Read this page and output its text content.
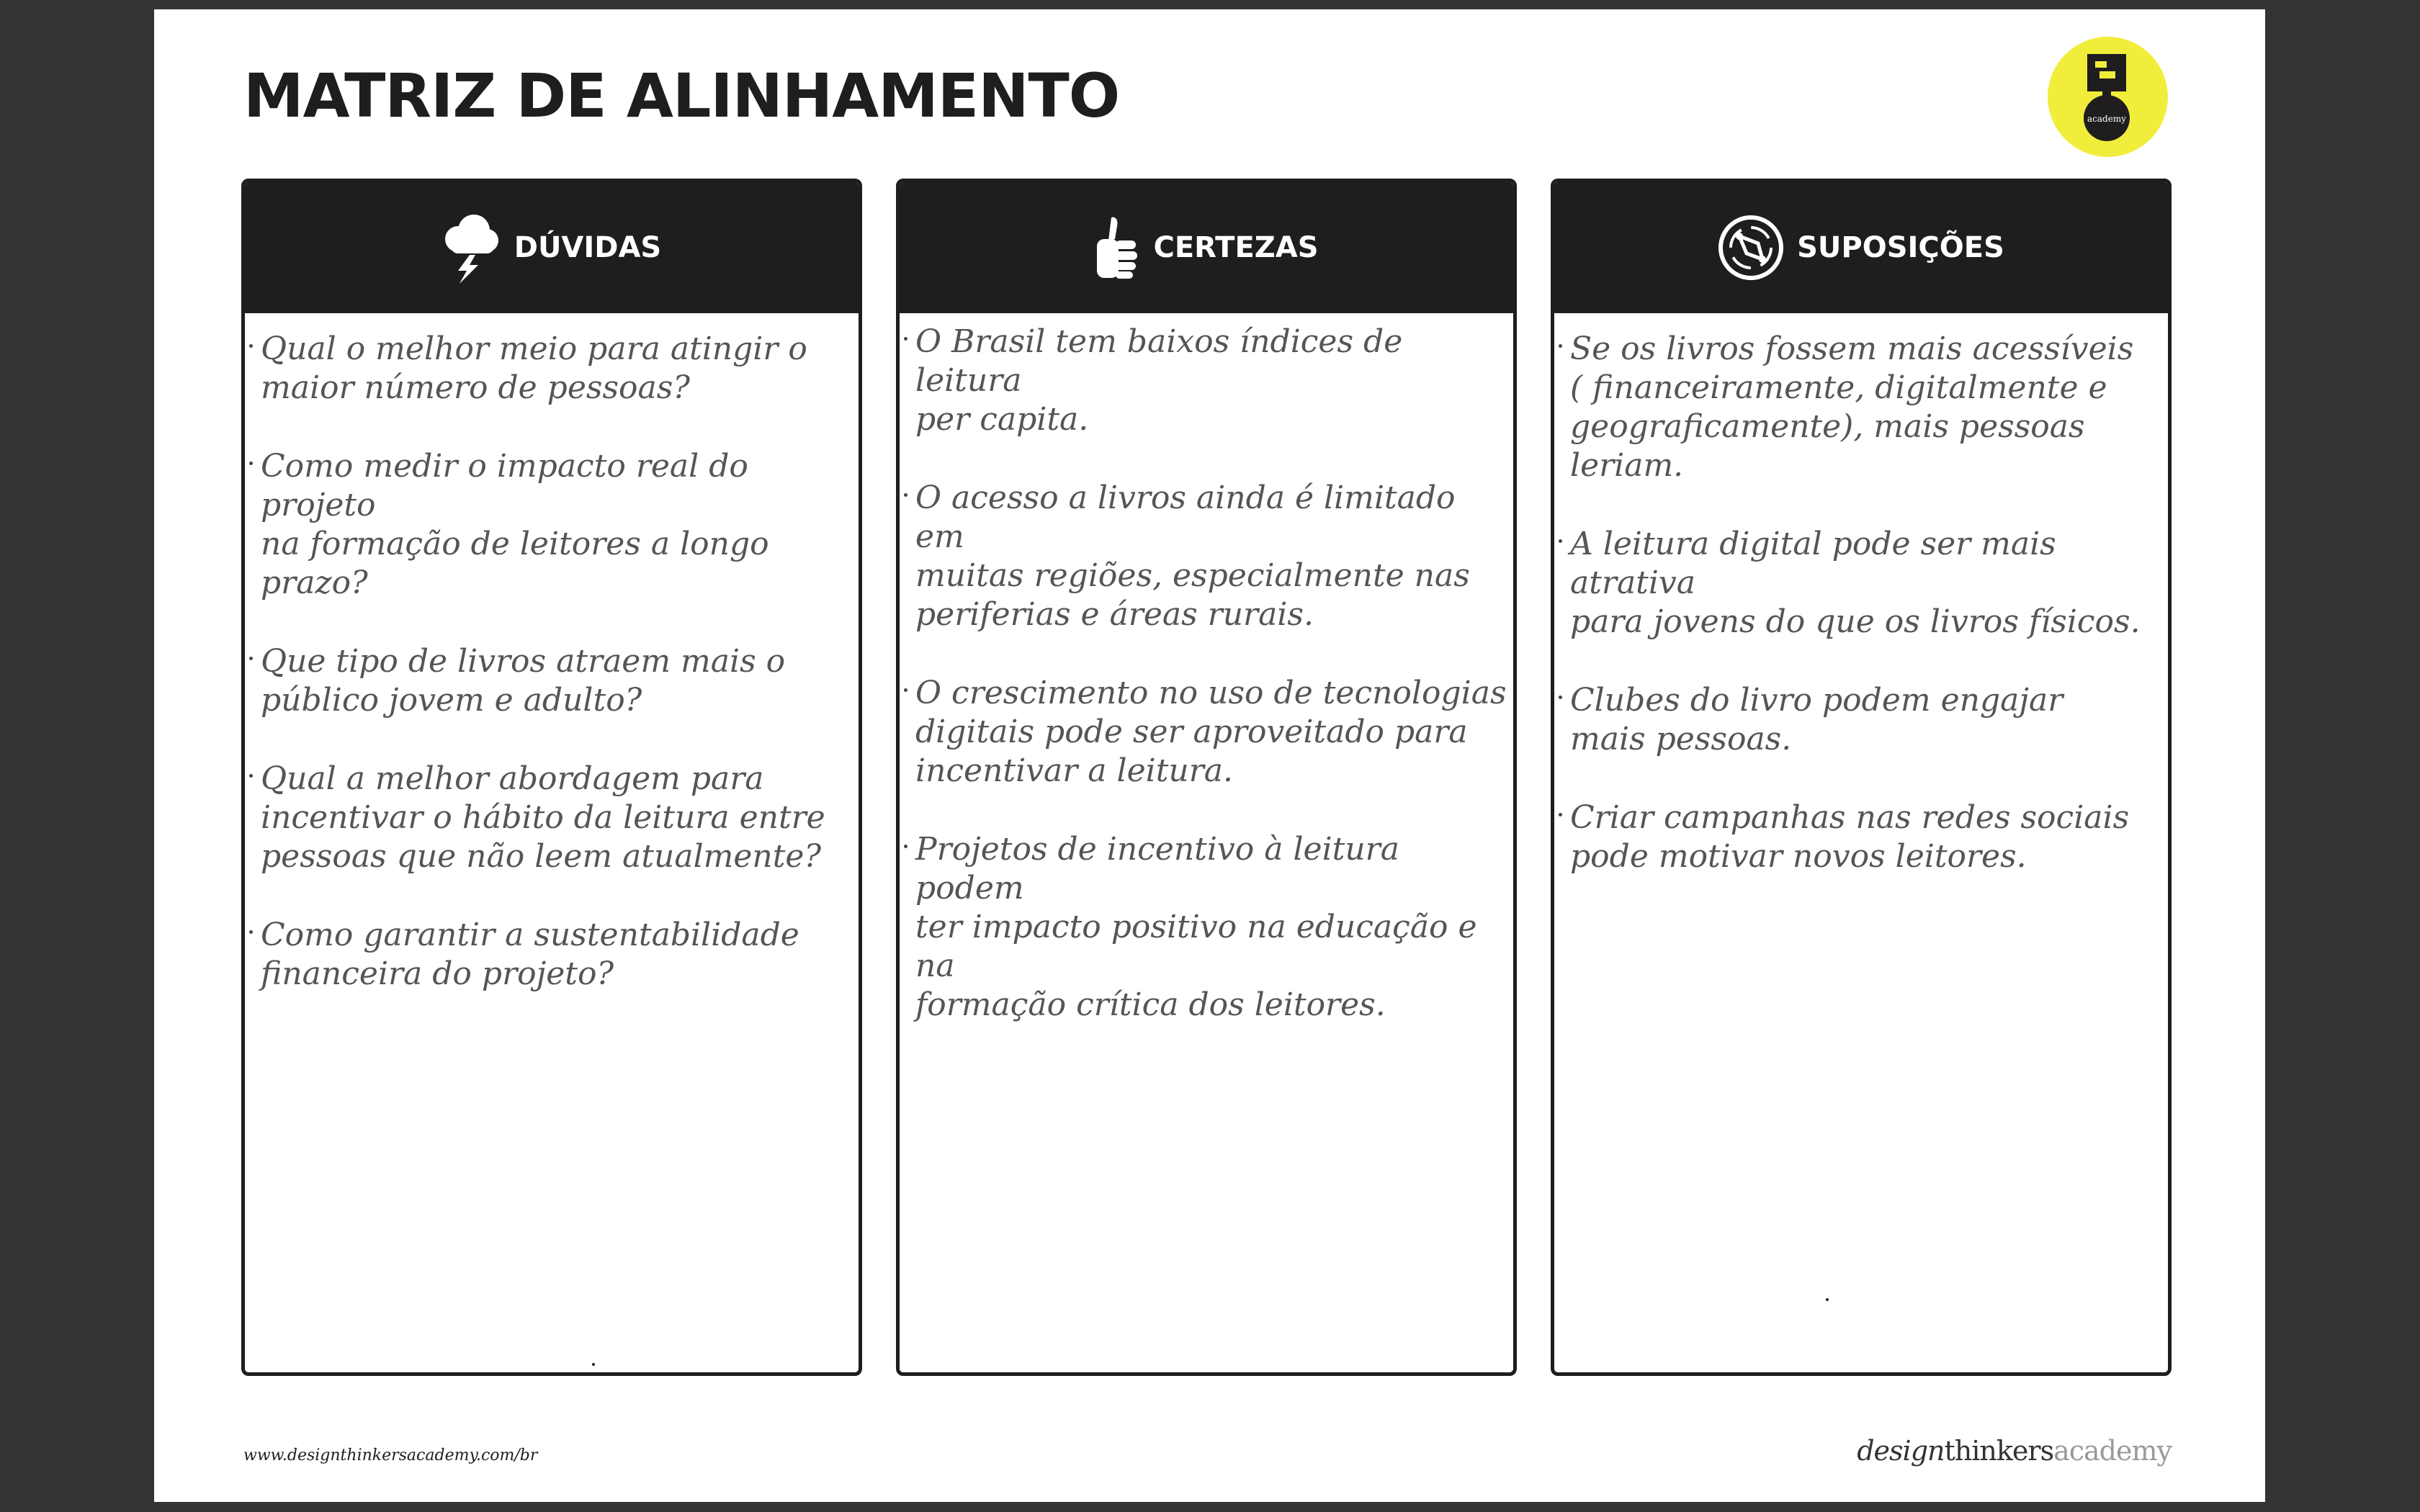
MATRIZ DE ALINHAMENTO	academy
DÚVIDAS
Qual o melhor meio para atingir o
maior número de pessoas?
Como medir o impacto real do projeto
na formação de leitores a longo prazo?
Que tipo de livros atraem mais o
público jovem e adulto?
Qual a melhor abordagem para
incentivar o hábito da leitura entre
pessoas que não leem atualmente?
Como garantir a sustentabilidade
financeira do projeto?
CERTEZAS
O Brasil tem baixos índices de leitura
per capita.
O acesso a livros ainda é limitado em
muitas regiões, especialmente nas
periferias e áreas rurais.
O crescimento no uso de tecnologias
digitais pode ser aproveitado para
incentivar a leitura.
Projetos de incentivo à leitura podem
ter impacto positivo na educação e na
formação crítica dos leitores.
SUPOSIÇÕES
Se os livros fossem mais acessíveis
( financeiramente, digitalmente e
geograficamente), mais pessoas leriam.
A leitura digital pode ser mais atrativa
para jovens do que os livros físicos.
Clubes do livro podem engajar
mais pessoas.
Criar campanhas nas redes sociais
pode motivar novos leitores.
www.designthinkersacademy.com/br	designthinkersacademy
